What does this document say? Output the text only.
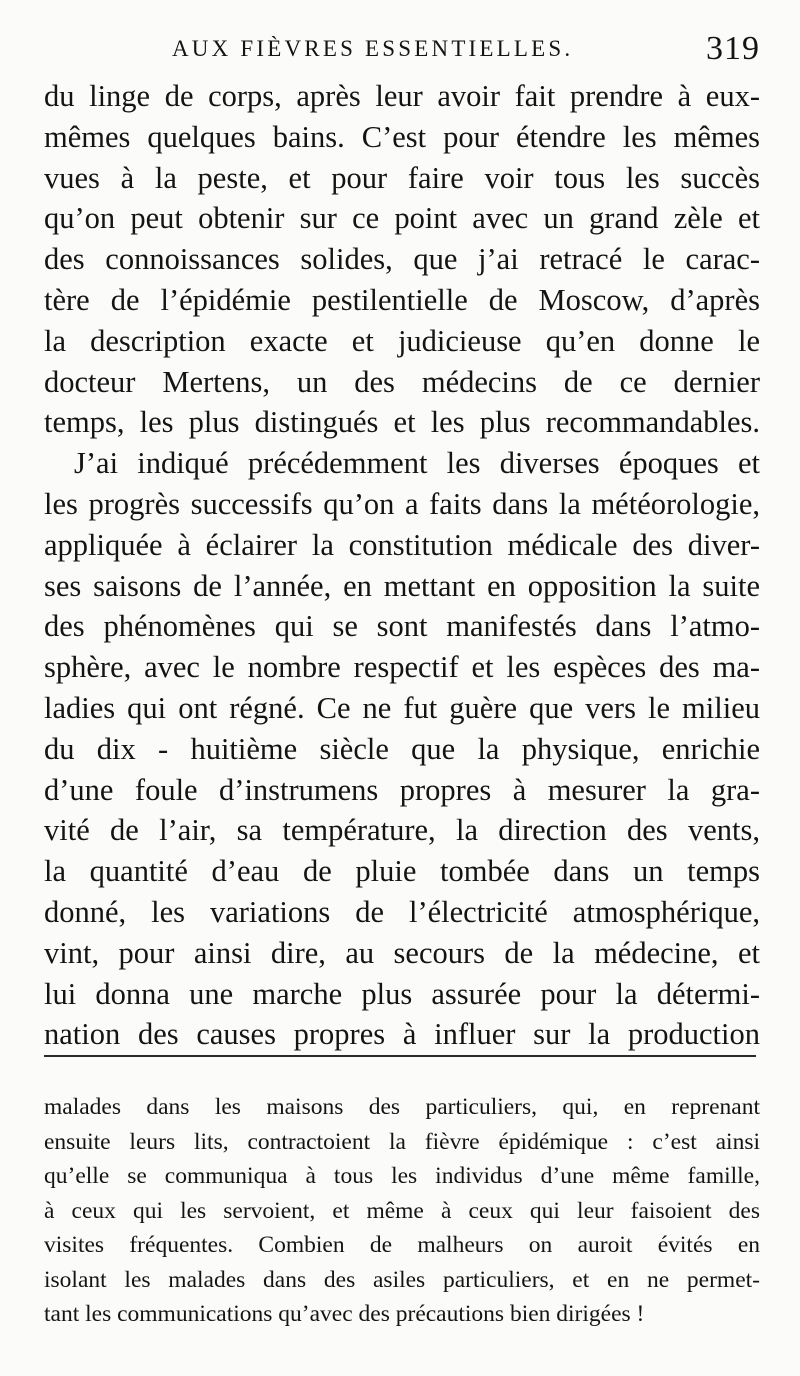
AUX FIÈVRES ESSENTIELLES.	319
du linge de corps, après leur avoir fait prendre à eux-
mêmes quelques bains. C’est pour étendre les mêmes
vues à la peste, et pour faire voir tous les succès
qu’on peut obtenir sur ce point avec un grand zèle et
des connoissances solides, que j’ai retracé le carac-
tère de l’épidémie pestilentielle de Moscow, d’après
la description exacte et judicieuse qu’en donne le
docteur Mertens, un des médecins de ce dernier
temps, les plus distingués et les plus recommandables.
J’ai indiqué précédemment les diverses époques et
les progrès successifs qu’on a faits dans la météorologie,
appliquée à éclairer la constitution médicale des diver-
ses saisons de l’année, en mettant en opposition la suite
des phénomènes qui se sont manifestés dans l’atmo-
sphère, avec le nombre respectif et les espèces des ma-
ladies qui ont régné. Ce ne fut guère que vers le milieu
du dix - huitième siècle que la physique, enrichie
d’une foule d’instrumens propres à mesurer la gra-
vité de l’air, sa température, la direction des vents,
la quantité d’eau de pluie tombée dans un temps
donné, les variations de l’électricité atmosphérique,
vint, pour ainsi dire, au secours de la médecine, et
lui donna une marche plus assurée pour la détermi-
nation des causes propres à influer sur la production
malades dans les maisons des particuliers, qui, en reprenant
ensuite leurs lits, contractoient la fièvre épidémique : c’est ainsi
qu’elle se communiqua à tous les individus d’une même famille,
à ceux qui les servoient, et même à ceux qui leur faisoient des
visites fréquentes. Combien de malheurs on auroit évités en
isolant les malades dans des asiles particuliers, et en ne permet-
tant les communications qu’avec des précautions bien dirigées !
